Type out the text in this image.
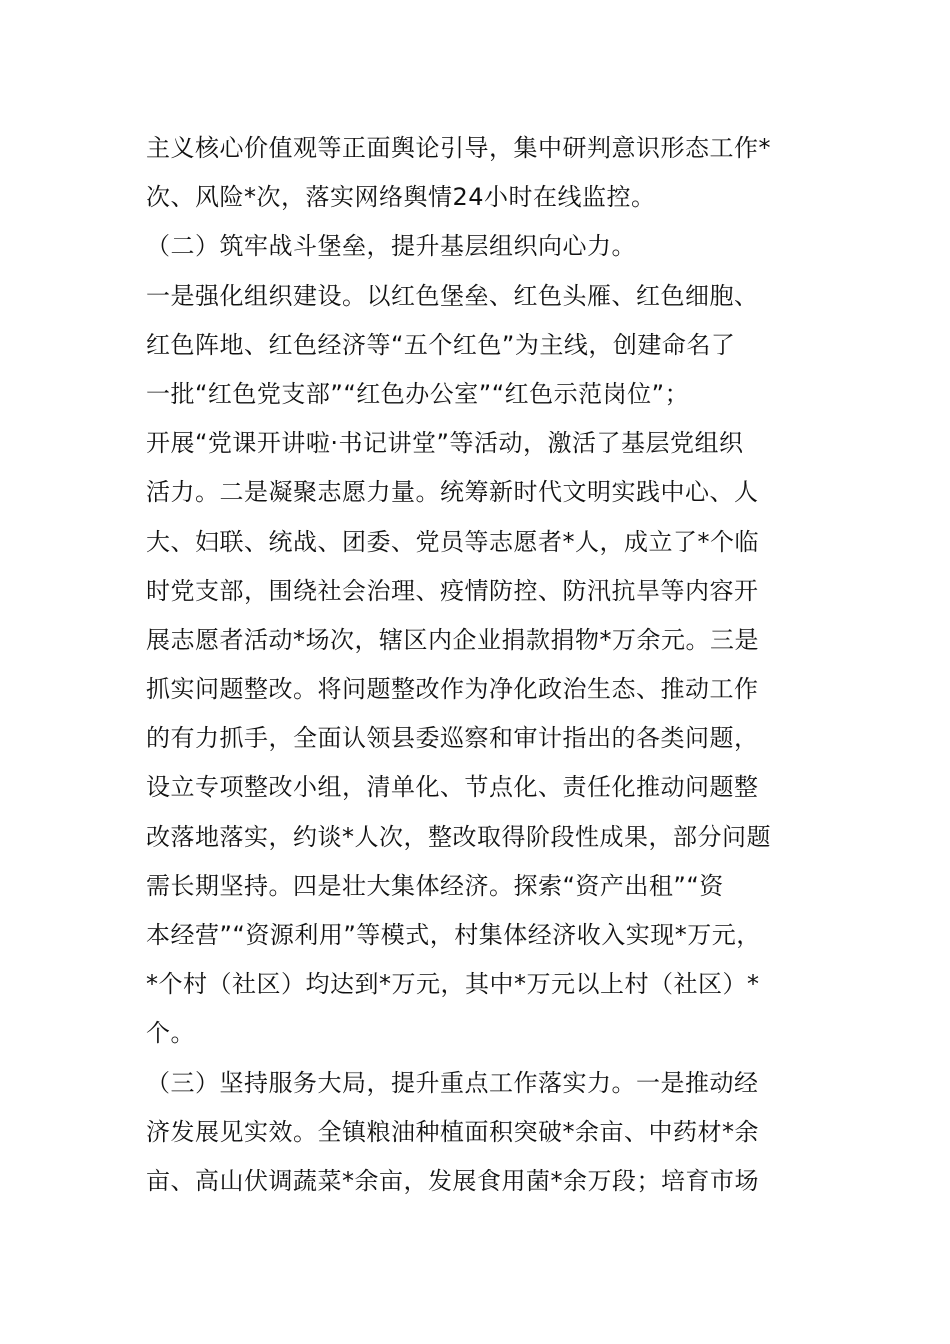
主义核心价值观等正面舆论引导，集中研判意识形态工作*
次、风险*次，落实网络舆情24小时在线监控。
（二）筑牢战斗堡垒，提升基层组织向心力。
一是强化组织建设。以红色堡垒、红色头雁、红色细胞、
红色阵地、红色经济等“五个红色”为主线，创建命名了
一批“红色党支部”“红色办公室”“红色示范岗位”；
开展“党课开讲啦·书记讲堂”等活动，激活了基层党组织
活力。二是凝聚志愿力量。统筹新时代文明实践中心、人
大、妇联、统战、团委、党员等志愿者*人，成立了*个临
时党支部，围绕社会治理、疫情防控、防汛抗旱等内容开
展志愿者活动*场次，辖区内企业捐款捐物*万余元。三是
抓实问题整改。将问题整改作为净化政治生态、推动工作
的有力抓手，全面认领县委巡察和审计指出的各类问题，
设立专项整改小组，清单化、节点化、责任化推动问题整
改落地落实，约谈*人次，整改取得阶段性成果，部分问题
需长期坚持。四是壮大集体经济。探索“资产出租”“资
本经营”“资源利用”等模式，村集体经济收入实现*万元，
*个村（社区）均达到*万元，其中*万元以上村（社区）*
个。
（三）坚持服务大局，提升重点工作落实力。一是推动经
济发展见实效。全镇粮油种植面积突破*余亩、中药材*余
亩、高山伏调蔬菜*余亩，发展食用菌*余万段；培育市场
